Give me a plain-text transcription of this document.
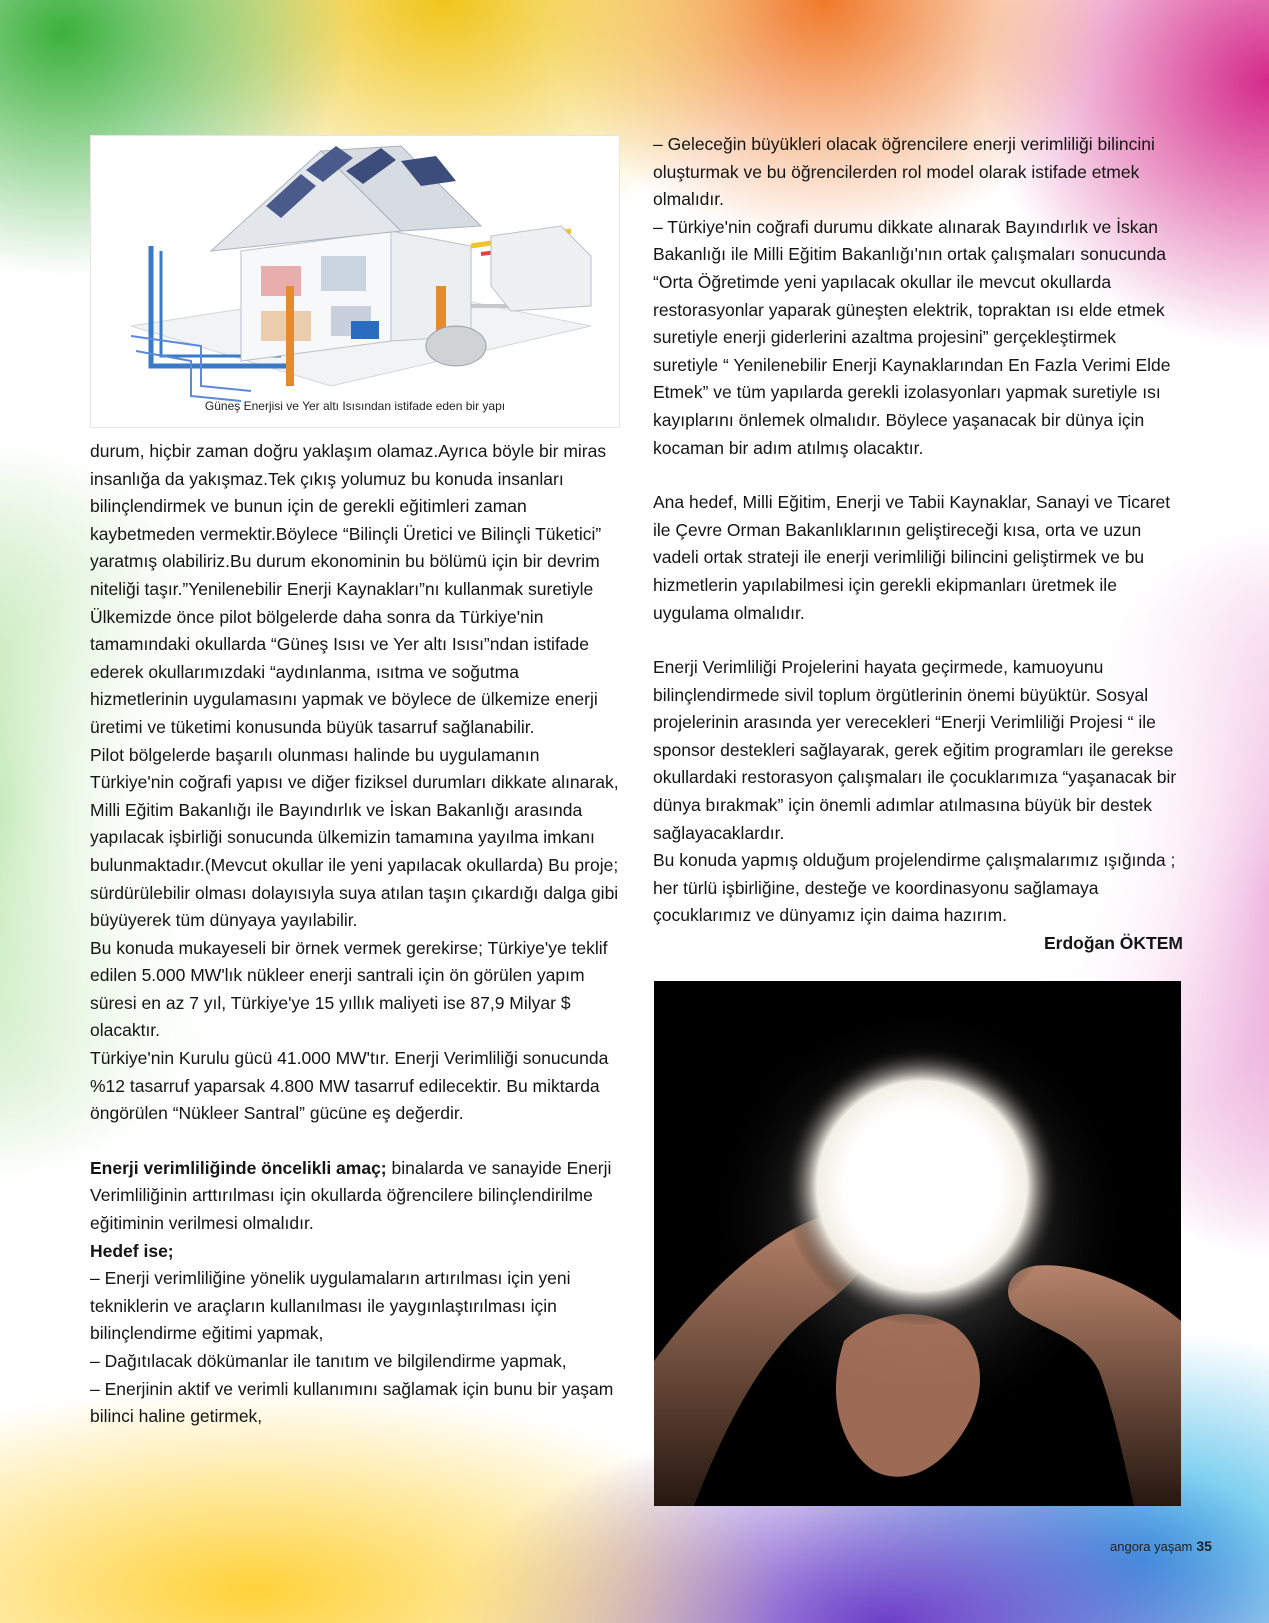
Güneş Enerjisi ve Yer altı Isısından istifade eden bir yapı

durum, hiçbir zaman doğru yaklaşım olamaz.Ayrıca böyle bir miras insanlığa da yakışmaz.Tek çıkış yolumuz bu konuda insanları bilinçlendirmek ve bunun için de gerekli eğitimleri zaman kaybetmeden vermektir.Böylece “Bilinçli Üretici ve Bilinçli Tüketici” yaratmış olabiliriz.Bu durum ekonominin bu bölümü için bir devrim niteliği taşır.”Yenilenebilir Enerji Kaynakları”nı kullanmak suretiyle Ülkemizde önce pilot bölgelerde daha sonra da Türkiye'nin tamamındaki okullarda “Güneş Isısı ve Yer altı Isısı”ndan istifade ederek okullarımızdaki “aydınlanma, ısıtma ve soğutma hizmetlerinin uygulamasını yapmak ve böylece de ülkemize enerji üretimi ve tüketimi konusunda büyük tasarruf sağlanabilir.

Pilot bölgelerde başarılı olunması halinde bu uygulamanın Türkiye'nin coğrafi yapısı ve diğer fiziksel durumları dikkate alınarak, Milli Eğitim Bakanlığı ile Bayındırlık ve İskan Bakanlığı arasında yapılacak işbirliği sonucunda ülkemizin tamamına yayılma imkanı bulunmaktadır.(Mevcut okullar ile yeni yapılacak okullarda) Bu proje; sürdürülebilir olması dolayısıyla suya atılan taşın çıkardığı dalga gibi büyüyerek tüm dünyaya yayılabilir.

Bu konuda mukayeseli bir örnek vermek gerekirse; Türkiye'ye teklif edilen 5.000 MW'lık nükleer enerji santrali için ön görülen yapım süresi en az 7 yıl, Türkiye'ye 15 yıllık maliyeti ise 87,9 Milyar $ olacaktır.

Türkiye'nin Kurulu gücü 41.000 MW'tır. Enerji Verimliliği sonucunda %12 tasarruf yaparsak 4.800 MW tasarruf edilecektir. Bu miktarda öngörülen “Nükleer Santral” gücüne eş değerdir.

Enerji verimliliğinde öncelikli amaç; binalarda ve sanayide Enerji Verimliliğinin arttırılması için okullarda öğrencilere bilinçlendirilme eğitiminin verilmesi olmalıdır.

Hedef ise;

– Enerji verimliliğine yönelik uygulamaların artırılması için yeni tekniklerin ve araçların kullanılması ile yaygınlaştırılması için bilinçlendirme eğitimi yapmak,

– Dağıtılacak dökümanlar ile tanıtım ve bilgilendirme yapmak,

– Enerjinin aktif ve verimli kullanımını sağlamak için bunu bir yaşam bilinci haline getirmek,

– Geleceğin büyükleri olacak öğrencilere enerji verimliliği bilincini oluşturmak ve bu öğrencilerden rol model olarak istifade etmek olmalıdır.

– Türkiye'nin coğrafi durumu dikkate alınarak Bayındırlık ve İskan Bakanlığı ile Milli Eğitim Bakanlığı'nın ortak çalışmaları sonucunda “Orta Öğretimde yeni yapılacak okullar ile mevcut okullarda restorasyonlar yaparak güneşten elektrik, topraktan ısı elde etmek suretiyle enerji giderlerini azaltma projesini” gerçekleştirmek suretiyle “ Yenilenebilir Enerji Kaynaklarından En Fazla Verimi Elde Etmek” ve tüm yapılarda gerekli izolasyonları yapmak suretiyle ısı kayıplarını önlemek olmalıdır. Böylece yaşanacak bir dünya için kocaman bir adım atılmış olacaktır.

Ana hedef, Milli Eğitim, Enerji ve Tabii Kaynaklar, Sanayi ve Ticaret ile Çevre Orman Bakanlıklarının geliştireceği kısa, orta ve uzun vadeli ortak strateji ile enerji verimliliği bilincini geliştirmek ve bu hizmetlerin yapılabilmesi için gerekli ekipmanları üretmek ile uygulama olmalıdır.

Enerji Verimliliği Projelerini hayata geçirmede, kamuoyunu bilinçlendirmede sivil toplum örgütlerinin önemi büyüktür. Sosyal projelerinin arasında yer verecekleri “Enerji Verimliliği Projesi “ ile sponsor destekleri sağlayarak, gerek eğitim programları ile gerekse okullardaki restorasyon çalışmaları ile çocuklarımıza “yaşanacak bir dünya bırakmak” için önemli adımlar atılmasına büyük bir destek sağlayacaklardır.

Bu konuda yapmış olduğum projelendirme çalışmalarımız ışığında ; her türlü işbirliğine, desteğe ve koordinasyonu sağlamaya çocuklarımız ve dünyamız için daima hazırım.

Erdoğan ÖKTEM

angora yaşam 35
